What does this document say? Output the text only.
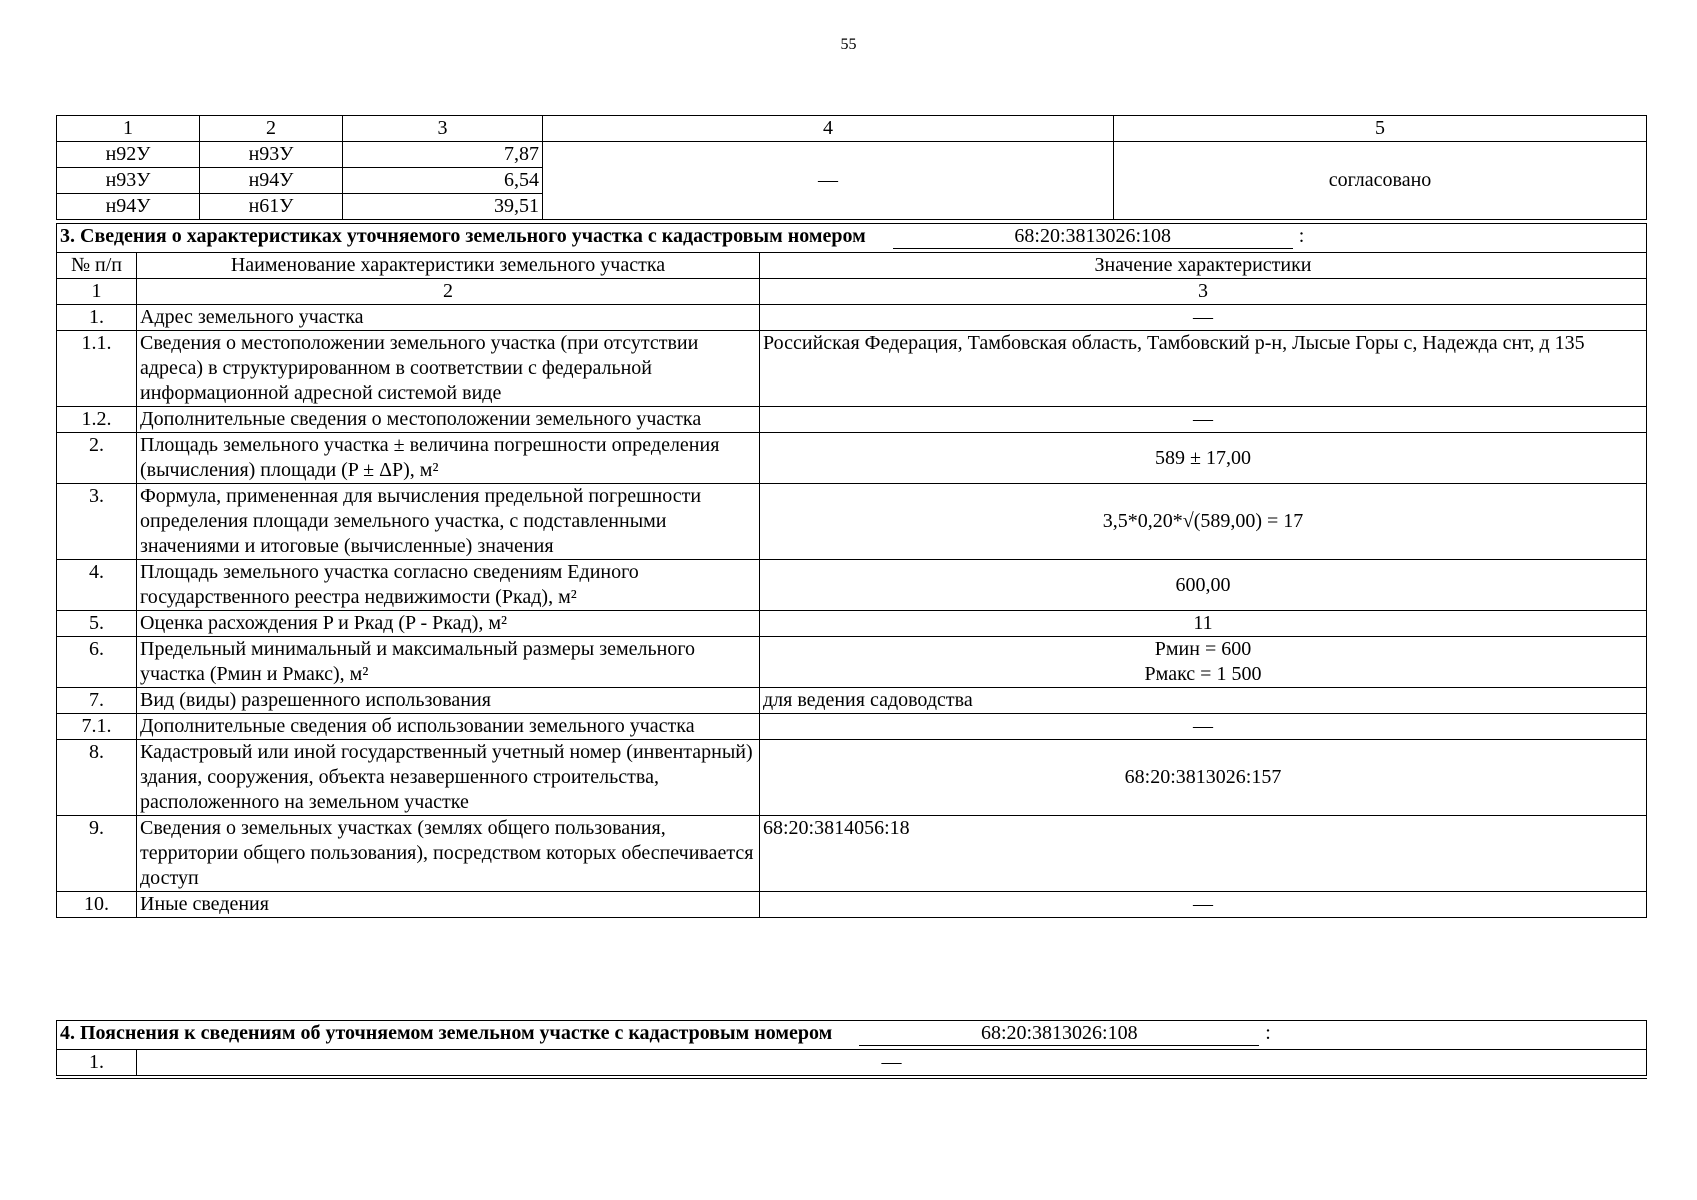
55
1	2	3	4	5
н92У	н93У	7,87	—	согласовано
н93У	н94У	6,54		
н94У	н61У	39,51		
3. Сведения о характеристиках уточняемого земельного участка с кадастровым номером 68:20:3813026:108 :		
№ п/п	Наименование характеристики земельного участка	Значение характеристики
1	2	3
1.	Адрес земельного участка	—
1.1.	Сведения о местоположении земельного участка (при отсутствии адреса) в структурированном в соответствии с федеральной информационной адресной системой виде	Российская Федерация, Тамбовская область, Тамбовский р-н, Лысые Горы с, Надежда снт, д 135
1.2.	Дополнительные сведения о местоположении земельного участка	—
2.	Площадь земельного участка ± величина погрешности определения (вычисления) площади (P ± ΔP), м²	589 ± 17,00
3.	Формула, примененная для вычисления предельной погрешности определения площади земельного участка, с подставленными значениями и итоговые (вычисленные) значения	3,5*0,20*√(589,00) = 17
4.	Площадь земельного участка согласно сведениям Единого государственного реестра недвижимости (Pкад), м²	600,00
5.	Оценка расхождения P и Pкад (P - Pкад), м²	11
6.	Предельный минимальный и максимальный размеры земельного участка (Pмин и Pмакс), м²	Pмин = 600
Pмакс = 1 500

7.	Вид (виды) разрешенного использования	для ведения садоводства
7.1.	Дополнительные сведения об использовании земельного участка	—
8.	Кадастровый или иной государственный учетный номер (инвентарный) здания, сооружения, объекта незавершенного строительства, расположенного на земельном участке	68:20:3813026:157
9.	Сведения о земельных участках (землях общего пользования, территории общего пользования), посредством которых обеспечивается доступ	68:20:3814056:18
10.	Иные сведения	—
4. Пояснения к сведениям об уточняемом земельном участке с кадастровым номером	68:20:3813026:108	:
1.	—
